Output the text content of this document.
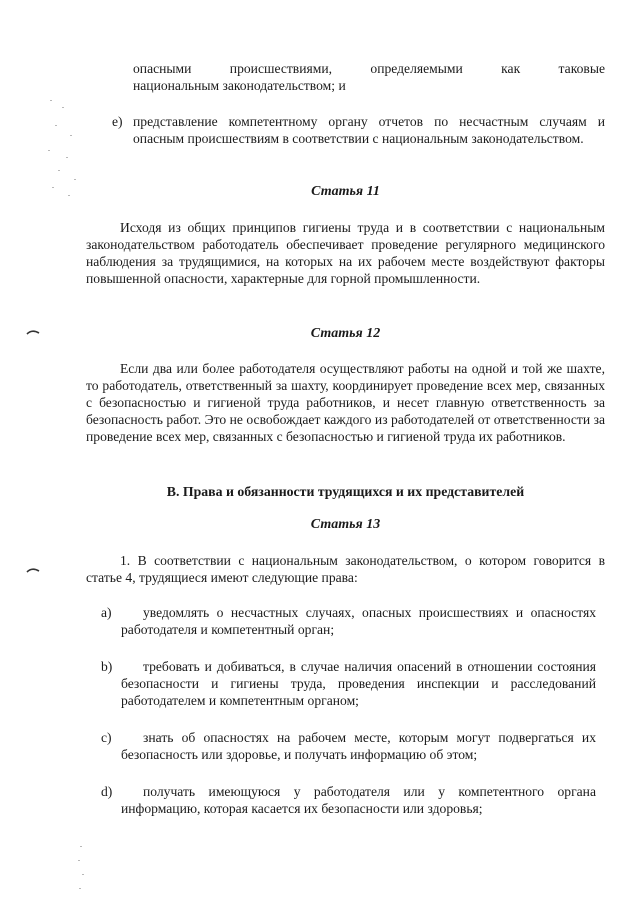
опасными происшествиями, определяемыми как таковые
национальным законодательством; и
e) представление компетентному органу отчетов по несчастным случаям и опасным происшествиям в соответствии с национальным законодательством.
Статья 11
Исходя из общих принципов гигиены труда и в соответствии с национальным законодательством работодатель обеспечивает проведение регулярного медицинского наблюдения за трудящимися, на которых на их рабочем месте воздействуют факторы повышенной опасности, характерные для горной промышленности.
Статья 12
Если два или более работодателя осуществляют работы на одной и той же шахте, то работодатель, ответственный за шахту, координирует проведение всех мер, связанных с безопасностью и гигиеной труда работников, и несет главную ответственность за безопасность работ. Это не освобождает каждого из работодателей от ответственности за проведение всех мер, связанных с безопасностью и гигиеной труда их работников.
B. Права и обязанности трудящихся и их представителей
Статья 13
1. В соответствии с национальным законодательством, о котором говорится в статье 4, трудящиеся имеют следующие права:
a)	уведомлять о несчастных случаях, опасных происшествиях и опасностях работодателя и компетентный орган;
b)	требовать и добиваться, в случае наличия опасений в отношении состояния безопасности и гигиены труда, проведения инспекции и расследований работодателем и компетентным органом;
c)	знать об опасностях на рабочем месте, которым могут подвергаться их безопасность или здоровье, и получать информацию об этом;
d)	получать имеющуюся у работодателя или у компетентного органа информацию, которая касается их безопасности или здоровья;
